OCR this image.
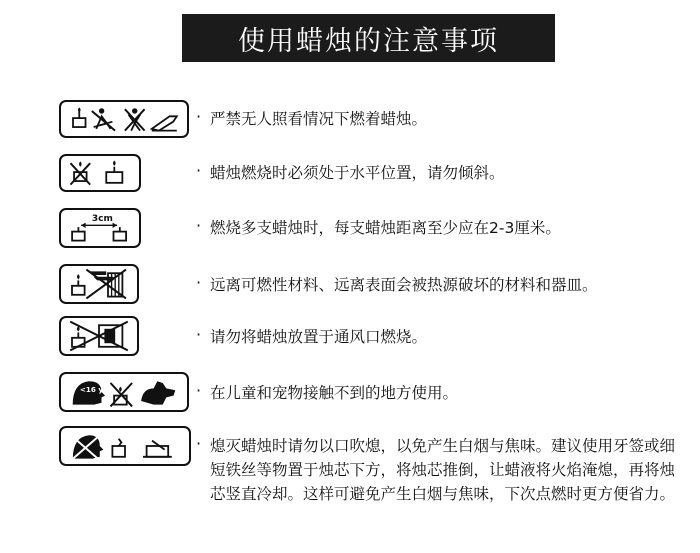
使用蜡烛的注意事项
· 严禁无人照看情况下燃着蜡烛。
· 蜡烛燃烧时必须处于水平位置，请勿倾斜。
3cm	· 燃烧多支蜡烛时，每支蜡烛距离至少应在2-3厘米。
· 远离可燃性材料、远离表面会被热源破坏的材料和器皿。
· 请勿将蜡烛放置于通风口燃烧。
<16 yrs	· 在儿童和宠物接触不到的地方使用。
· 熄灭蜡烛时请勿以口吹熄，以免产生白烟与焦味。建议使用牙签或细短铁丝等物置于烛芯下方，将烛芯推倒，让蜡液将火焰淹熄，再将烛芯竖直冷却。这样可避免产生白烟与焦味，下次点燃时更方便省力。
